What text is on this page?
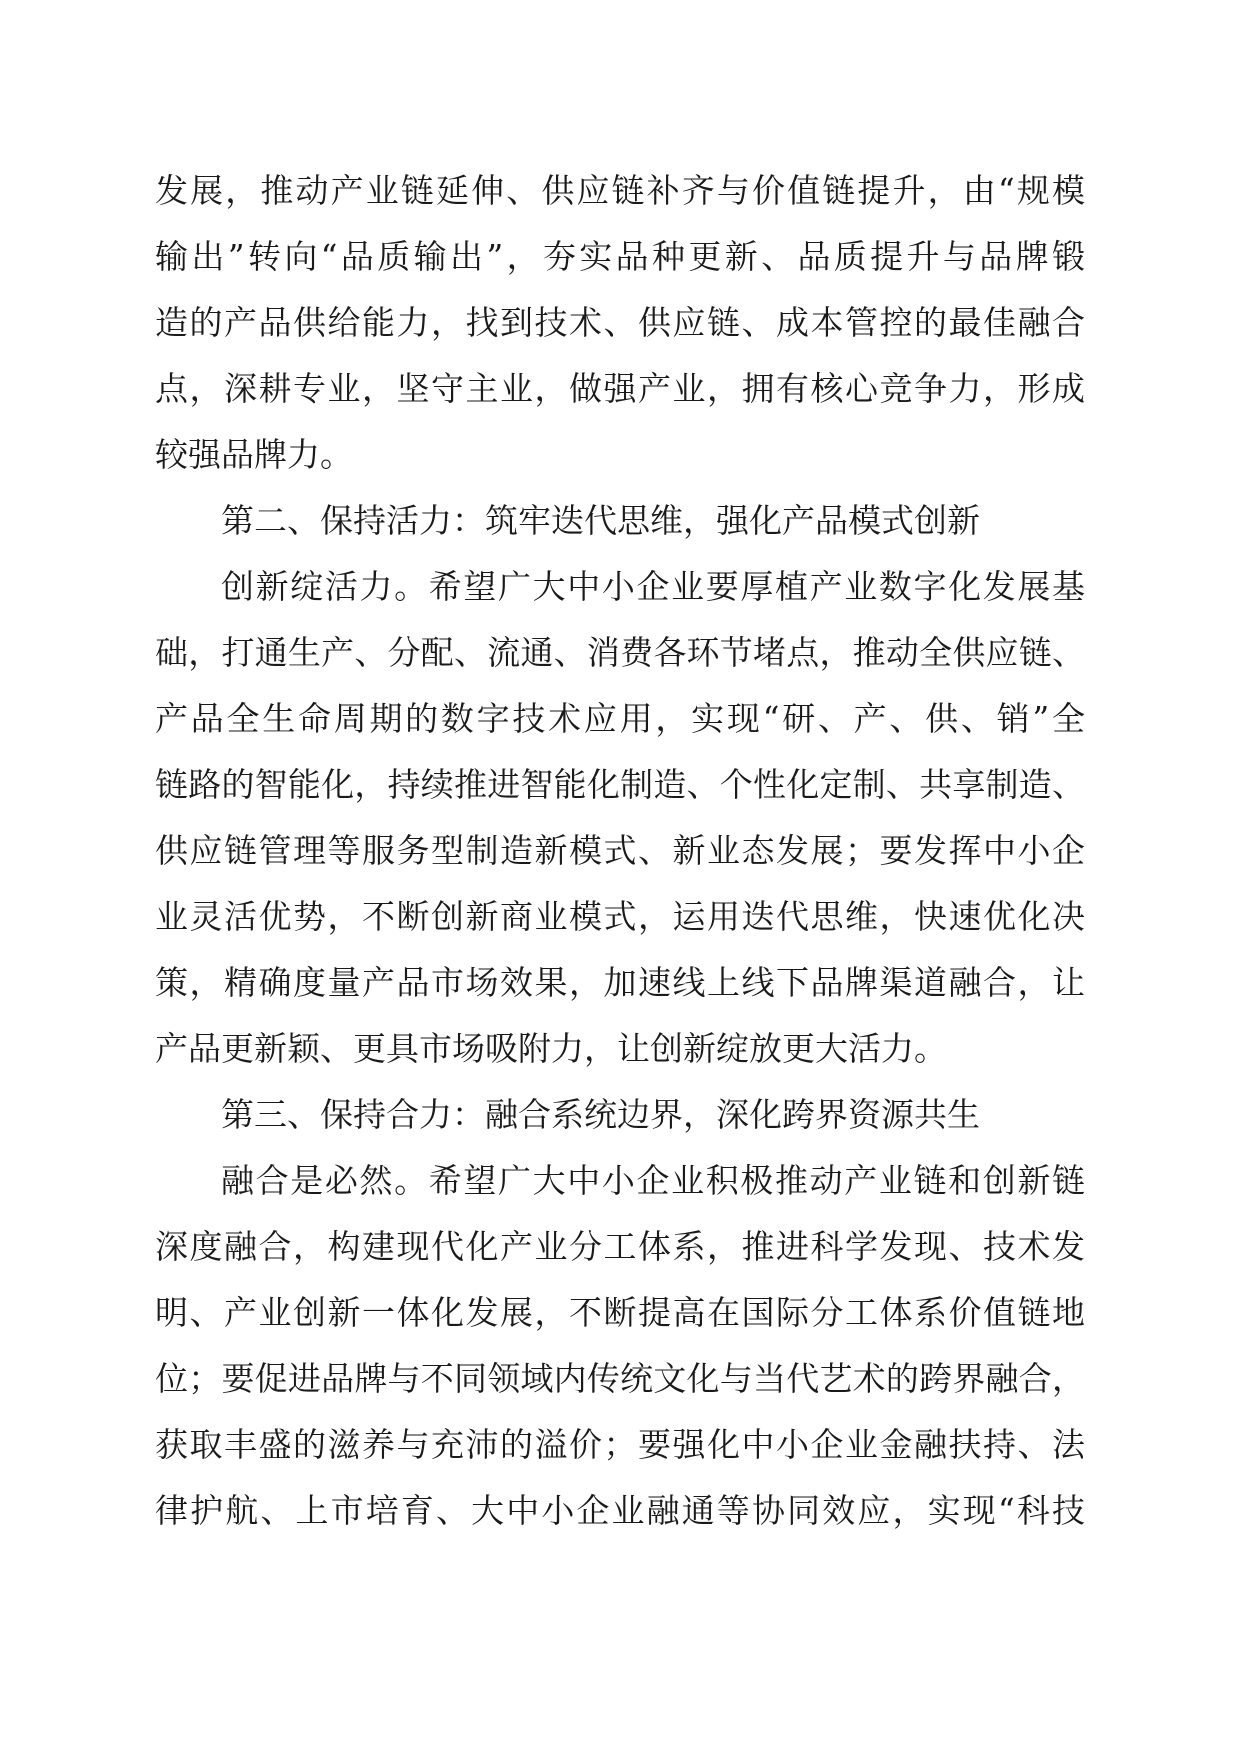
发展，推动产业链延伸、供应链补齐与价值链提升，由“规模
输出”转向“品质输出”，夯实品种更新、品质提升与品牌锻
造的产品供给能力，找到技术、供应链、成本管控的最佳融合
点，深耕专业，坚守主业，做强产业，拥有核心竞争力，形成
较强品牌力。
第二、保持活力：筑牢迭代思维，强化产品模式创新
创新绽活力。希望广大中小企业要厚植产业数字化发展基
础，打通生产、分配、流通、消费各环节堵点，推动全供应链、
产品全生命周期的数字技术应用，实现“研、产、供、销”全
链路的智能化，持续推进智能化制造、个性化定制、共享制造、
供应链管理等服务型制造新模式、新业态发展；要发挥中小企
业灵活优势，不断创新商业模式，运用迭代思维，快速优化决
策，精确度量产品市场效果，加速线上线下品牌渠道融合，让
产品更新颖、更具市场吸附力，让创新绽放更大活力。
第三、保持合力：融合系统边界，深化跨界资源共生
融合是必然。希望广大中小企业积极推动产业链和创新链
深度融合，构建现代化产业分工体系，推进科学发现、技术发
明、产业创新一体化发展，不断提高在国际分工体系价值链地
位；要促进品牌与不同领域内传统文化与当代艺术的跨界融合，
获取丰盛的滋养与充沛的溢价；要强化中小企业金融扶持、法
律护航、上市培育、大中小企业融通等协同效应，实现“科技
